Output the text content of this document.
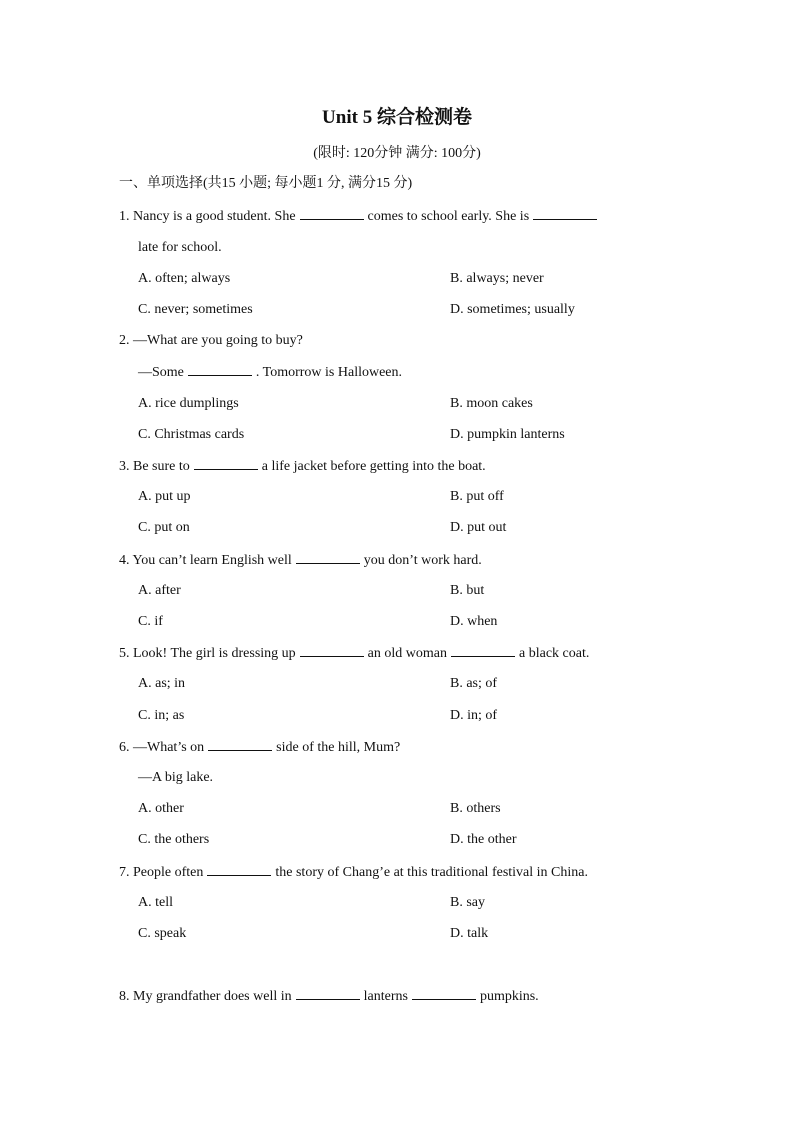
Unit 5 综合检测卷
(限时: 120分钟 满分: 100分)
一、单项选择(共15 小题; 每小题1 分, 满分15 分)
1. Nancy is a good student. She	comes to school early. She is
late for school.
A. often; always	B. always; never
C. never; sometimes	D. sometimes; usually
2. —What are you going to buy?
—Some	. Tomorrow is Halloween.
A. rice dumplings	B. moon cakes
C. Christmas cards	D. pumpkin lanterns
3. Be sure to	a life jacket before getting into the boat.
A. put up	B. put off
C. put on	D. put out
4. You can’t learn English well	you don’t work hard.
A. after	B. but
C. if	D. when
5. Look! The girl is dressing up	an old woman	a black coat.
A. as; in	B. as; of
C. in; as	D. in; of
6. —What’s on	side of the hill, Mum?
—A big lake.
A. other	B. others
C. the others	D. the other
7. People often	the story of Chang’e at this traditional festival in China.
A. tell	B. say
C. speak	D. talk
8. My grandfather does well in	lanterns	pumpkins.
